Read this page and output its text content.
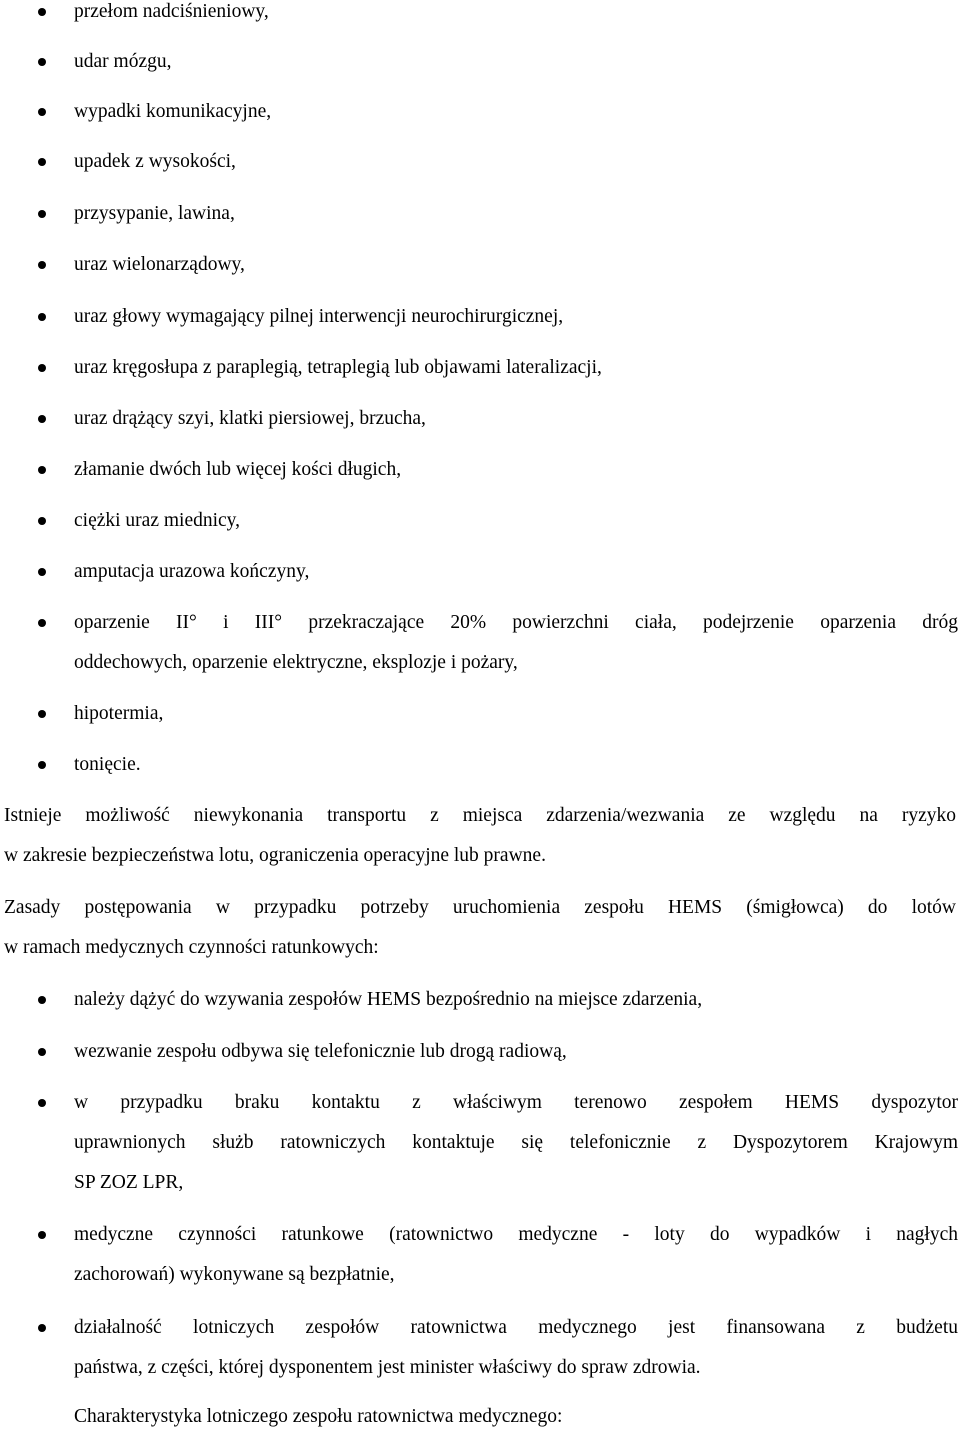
przełom nadciśnieniowy,
udar mózgu,
wypadki komunikacyjne,
upadek z wysokości,
przysypanie, lawina,
uraz wielonarządowy,
uraz głowy wymagający pilnej interwencji neurochirurgicznej,
uraz kręgosłupa z paraplegią, tetraplegią lub objawami lateralizacji,
uraz drążący szyi, klatki piersiowej, brzucha,
złamanie dwóch lub więcej kości długich,
ciężki uraz miednicy,
amputacja urazowa kończyny,
oparzenie II° i III° przekraczające 20% powierzchni ciała, podejrzenie oparzenia dróg
oddechowych, oparzenie elektryczne, eksplozje i pożary,
hipotermia,
tonięcie.
Istnieje możliwość niewykonania transportu z miejsca zdarzenia/wezwania ze względu na ryzyko
w zakresie bezpieczeństwa lotu, ograniczenia operacyjne lub prawne.
Zasady postępowania w przypadku potrzeby uruchomienia zespołu HEMS (śmigłowca) do lotów
w ramach medycznych czynności ratunkowych:
należy dążyć do wzywania zespołów HEMS bezpośrednio na miejsce zdarzenia,
wezwanie zespołu odbywa się telefonicznie lub drogą radiową,
w przypadku braku kontaktu z właściwym terenowo zespołem HEMS dyspozytor
uprawnionych służb ratowniczych kontaktuje się telefonicznie z Dyspozytorem Krajowym
SP ZOZ LPR,
medyczne czynności ratunkowe (ratownictwo medyczne - loty do wypadków i nagłych
zachorowań) wykonywane są bezpłatnie,
działalność lotniczych zespołów ratownictwa medycznego jest finansowana z budżetu
państwa, z części, której dysponentem jest minister właściwy do spraw zdrowia.
Charakterystyka lotniczego zespołu ratownictwa medycznego:
